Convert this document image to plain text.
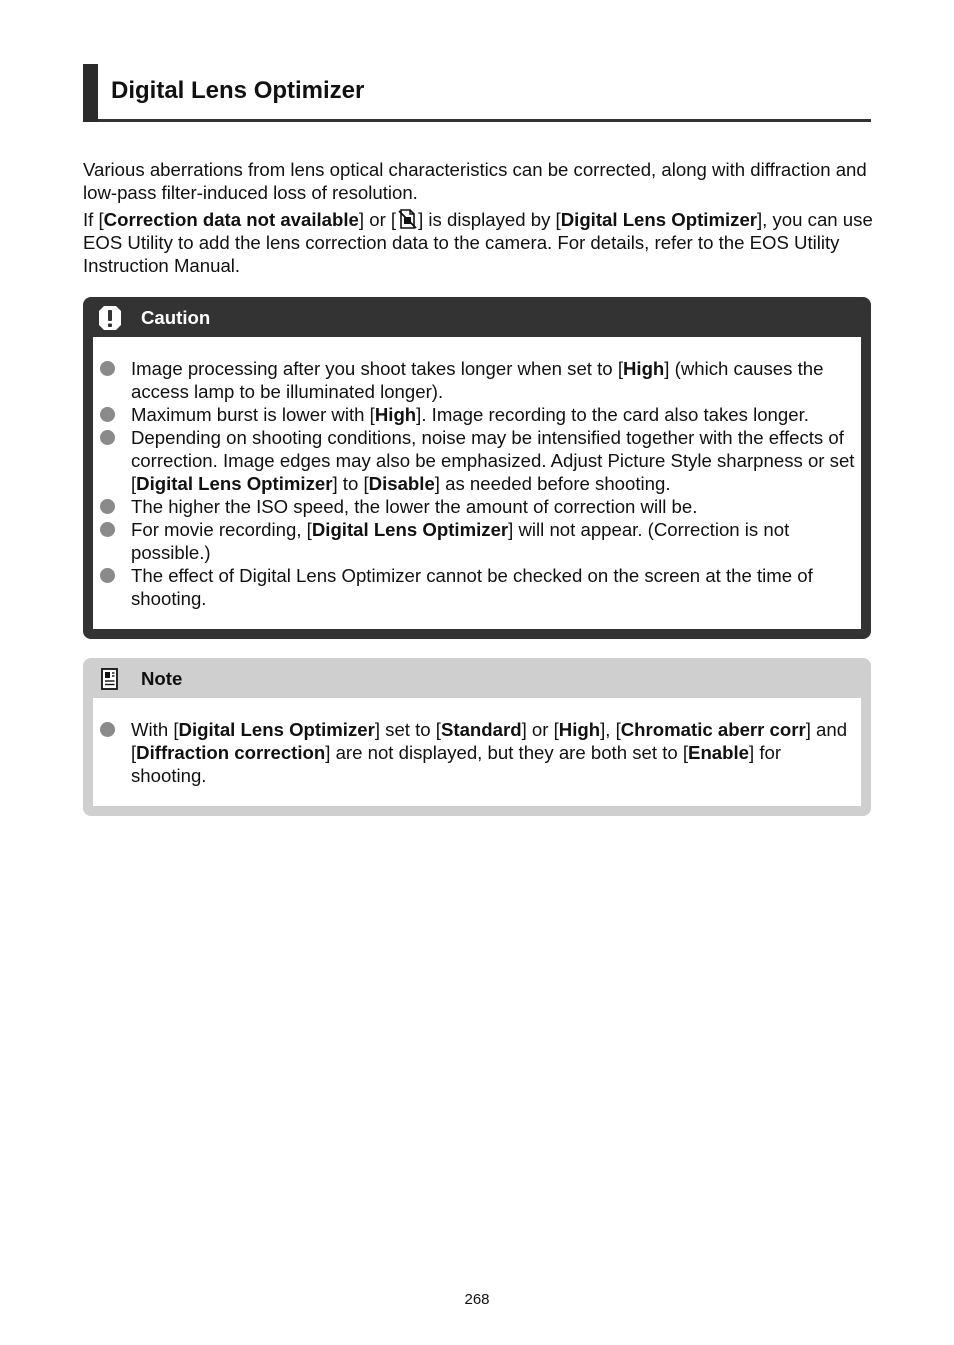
Digital Lens Optimizer

Various aberrations from lens optical characteristics can be corrected, along with diffraction and low-pass filter-induced loss of resolution.

If [Correction data not available] or [ ] is displayed by [Digital Lens Optimizer], you can use EOS Utility to add the lens correction data to the camera. For details, refer to the EOS Utility Instruction Manual.

Caution
Image processing after you shoot takes longer when set to [High] (which causes the access lamp to be illuminated longer).
Maximum burst is lower with [High]. Image recording to the card also takes longer.
Depending on shooting conditions, noise may be intensified together with the effects of correction. Image edges may also be emphasized. Adjust Picture Style sharpness or set [Digital Lens Optimizer] to [Disable] as needed before shooting.
The higher the ISO speed, the lower the amount of correction will be.
For movie recording, [Digital Lens Optimizer] will not appear. (Correction is not possible.)
The effect of Digital Lens Optimizer cannot be checked on the screen at the time of shooting.
Note
With [Digital Lens Optimizer] set to [Standard] or [High], [Chromatic aberr corr] and [Diffraction correction] are not displayed, but they are both set to [Enable] for shooting.
268
